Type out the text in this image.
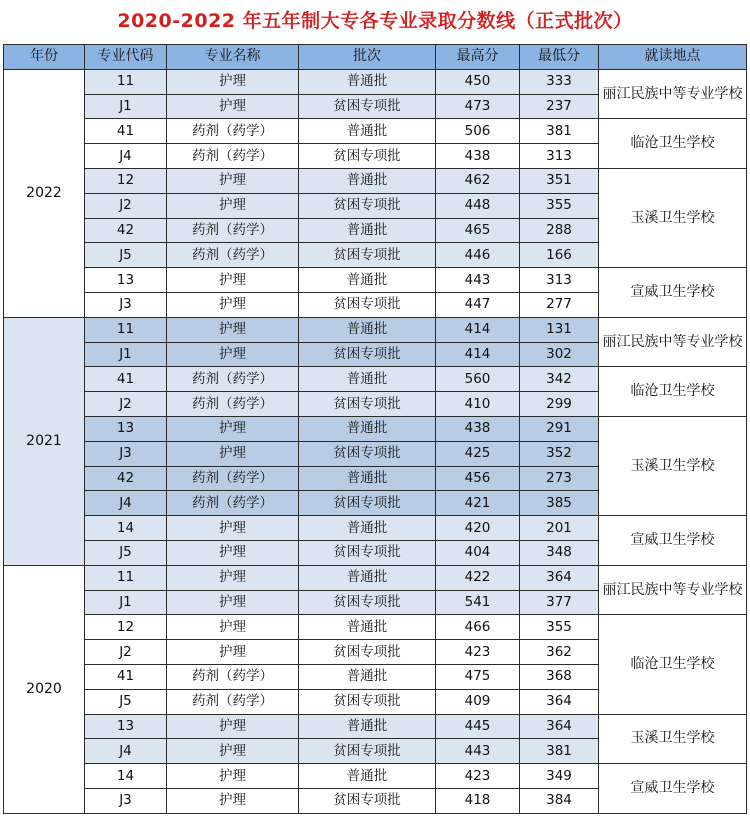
2020-2022 年五年制大专各专业录取分数线（正式批次）
年份	专业代码	专业名称	批次	最高分	最低分	就读地点
2022	11	护理	普通批	450	333	丽江民族中等专业学校
	J1	护理	贫困专项批	473	237	
	41	药剂（药学）	普通批	506	381	临沧卫生学校
	J4	药剂（药学）	贫困专项批	438	313	
	12	护理	普通批	462	351	玉溪卫生学校
	J2	护理	贫困专项批	448	355	
	42	药剂（药学）	普通批	465	288	
	J5	药剂（药学）	贫困专项批	446	166	
	13	护理	普通批	443	313	宣威卫生学校
	J3	护理	贫困专项批	447	277	
2021	11	护理	普通批	414	131	丽江民族中等专业学校
	J1	护理	贫困专项批	414	302	
	41	药剂（药学）	普通批	560	342	临沧卫生学校
	J2	药剂（药学）	贫困专项批	410	299	
	13	护理	普通批	438	291	玉溪卫生学校
	J3	护理	贫困专项批	425	352	
	42	药剂（药学）	普通批	456	273	
	J4	药剂（药学）	贫困专项批	421	385	
	14	护理	普通批	420	201	宣威卫生学校
	J5	护理	贫困专项批	404	348	
2020	11	护理	普通批	422	364	丽江民族中等专业学校
	J1	护理	贫困专项批	541	377	
	12	护理	普通批	466	355	临沧卫生学校
	J2	护理	贫困专项批	423	362	
	41	药剂（药学）	普通批	475	368	
	J5	药剂（药学）	贫困专项批	409	364	
	13	护理	普通批	445	364	玉溪卫生学校
	J4	护理	贫困专项批	443	381	
	14	护理	普通批	423	349	宣威卫生学校
	J3	护理	贫困专项批	418	384	
